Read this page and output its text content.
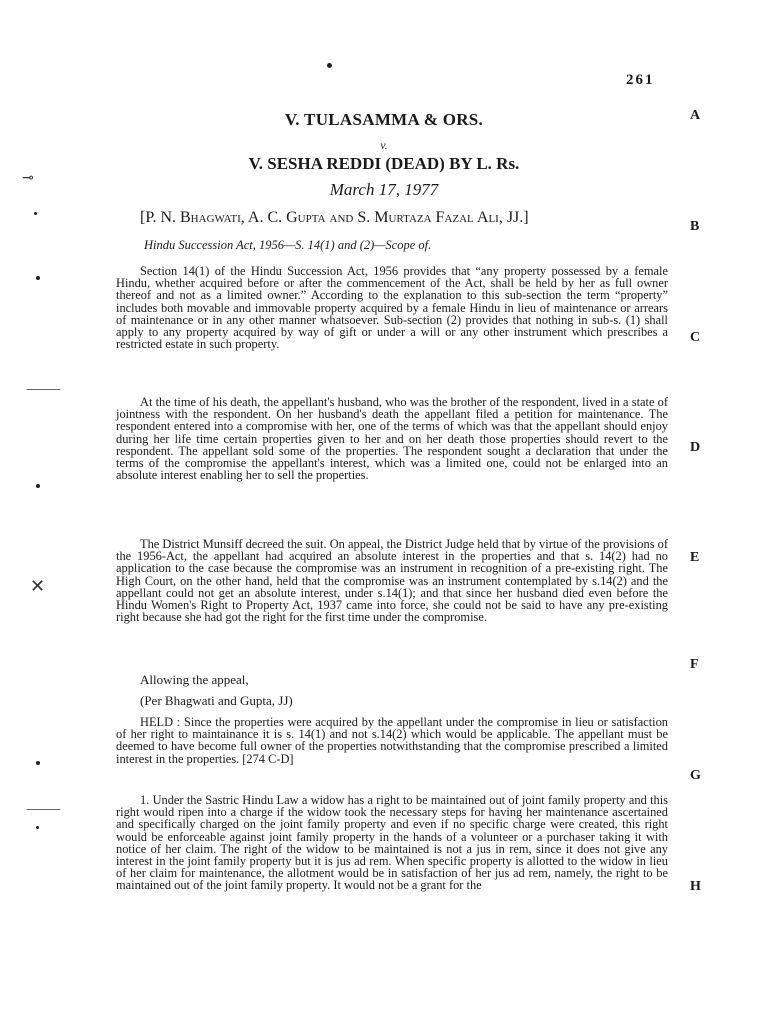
261
V. TULASAMMA & ORS.
v.
V. SESHA REDDI (DEAD) BY L. Rs.
March 17, 1977
[P. N. Bhagwati, A. C. Gupta and S. Murtaza Fazal Ali, JJ.]
Hindu Succession Act, 1956—S. 14(1) and (2)—Scope of.

Section 14(1) of the Hindu Succession Act, 1956 provides that “any property possessed by a female Hindu, whether acquired before or after the commencement of the Act, shall be held by her as full owner thereof and not as a limited owner.” According to the explanation to this sub-section the term “property” includes both movable and immovable property acquired by a female Hindu in lieu of maintenance or arrears of maintenance or in any other manner whatsoever. Sub-section (2) provides that nothing in sub-s. (1) shall apply to any property acquired by way of gift or under a will or any other instrument which prescribes a restricted estate in such property.

At the time of his death, the appellant's husband, who was the brother of the respondent, lived in a state of jointness with the respondent. On her husband's death the appellant filed a petition for maintenance. The respondent entered into a compromise with her, one of the terms of which was that the appellant should enjoy during her life time certain properties given to her and on her death those properties should revert to the respondent. The appellant sold some of the properties. The respondent sought a declaration that under the terms of the compromise the appellant's interest, which was a limited one, could not be enlarged into an absolute interest enabling her to sell the properties.

The District Munsiff decreed the suit. On appeal, the District Judge held that by virtue of the provisions of the 1956-Act, the appellant had acquired an absolute interest in the properties and that s. 14(2) had no application to the case because the compromise was an instrument in recognition of a pre-existing right. The High Court, on the other hand, held that the compromise was an instrument contemplated by s.14(2) and the appellant could not get an absolute interest, under s.14(1); and that since her husband died even before the Hindu Women's Right to Property Act, 1937 came into force, she could not be said to have any pre-existing right because she had got the right for the first time under the compromise.

Allowing the appeal,
(Per Bhagwati and Gupta, JJ)

HELD : Since the properties were acquired by the appellant under the compromise in lieu or satisfaction of her right to maintainance it is s. 14(1) and not s.14(2) which would be applicable. The appellant must be deemed to have become full owner of the properties notwithstanding that the compromise prescribed a limited interest in the properties. [274 C-D]

1. Under the Sastric Hindu Law a widow has a right to be maintained out of joint family property and this right would ripen into a charge if the widow took the necessary steps for having her maintenance ascertained and specifically charged on the joint family property and even if no specific charge were created, this right would be enforceable against joint family property in the hands of a volunteer or a purchaser taking it with notice of her claim. The right of the widow to be maintained is not a jus in rem, since it does not give any interest in the joint family property but it is jus ad rem. When specific property is allotted to the widow in lieu of her claim for maintenance, the allotment would be in satisfaction of her jus ad rem, namely, the right to be maintained out of the joint family property. It would not be a grant for the

A
B
C
D
E
F
G
H
⊸
⸻
✕
⸻
